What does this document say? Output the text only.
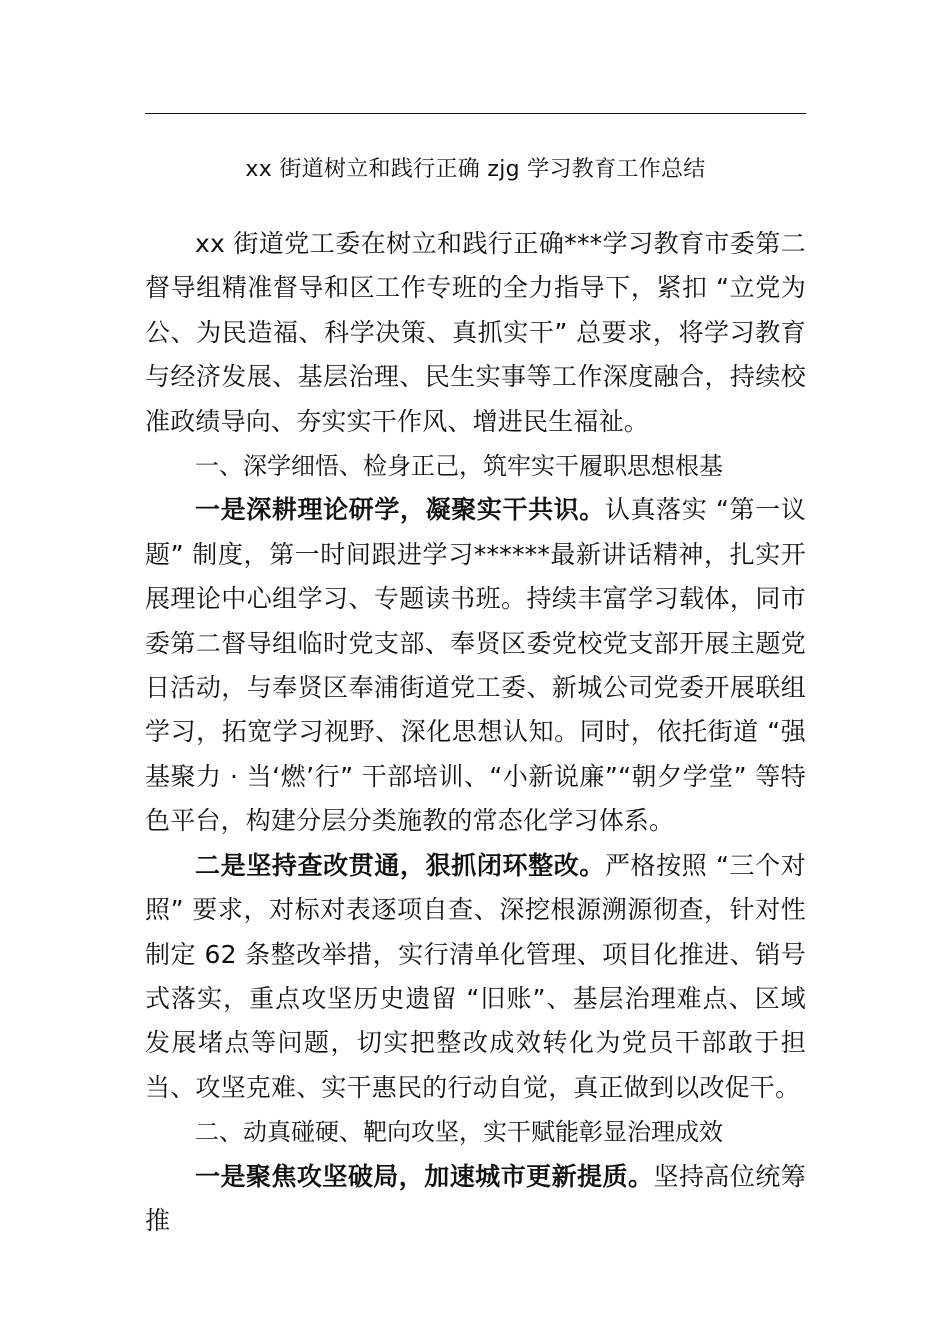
xx 街道树立和践行正确 zjg 学习教育工作总结

xx 街道党工委在树立和践行正确***学习教育市委第二督导组精准督导和区工作专班的全力指导下，紧扣 “立党为公、为民造福、科学决策、真抓实干” 总要求，将学习教育与经济发展、基层治理、民生实事等工作深度融合，持续校准政绩导向、夯实实干作风、增进民生福祉。

一、深学细悟、检身正己，筑牢实干履职思想根基

一是深耕理论研学，凝聚实干共识。认真落实 “第一议题” 制度，第一时间跟进学习******最新讲话精神，扎实开展理论中心组学习、专题读书班。持续丰富学习载体，同市委第二督导组临时党支部、奉贤区委党校党支部开展主题党日活动，与奉贤区奉浦街道党工委、新城公司党委开展联组学习，拓宽学习视野、深化思想认知。同时，依托街道 “强基聚力 · 当‘燃’行” 干部培训、“小新说廉”“朝夕学堂” 等特色平台，构建分层分类施教的常态化学习体系。

二是坚持查改贯通，狠抓闭环整改。严格按照 “三个对照” 要求，对标对表逐项自查、深挖根源溯源彻查，针对性制定 62 条整改举措，实行清单化管理、项目化推进、销号式落实，重点攻坚历史遗留 “旧账”、基层治理难点、区域发展堵点等问题，切实把整改成效转化为党员干部敢于担当、攻坚克难、实干惠民的行动自觉，真正做到以改促干。

二、动真碰硬、靶向攻坚，实干赋能彰显治理成效

一是聚焦攻坚破局，加速城市更新提质。坚持高位统筹推
